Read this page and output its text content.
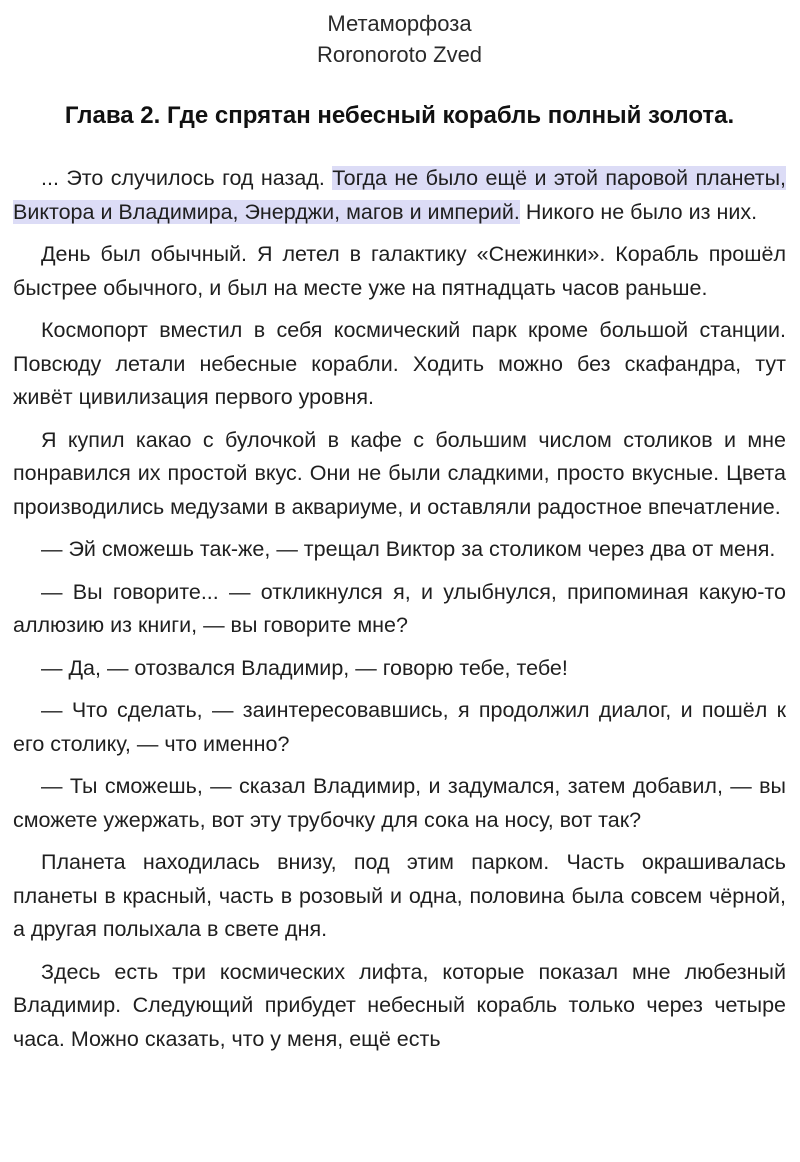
Метаморфоза
Rorоnoroto Zved
Глава 2. Где спрятан небесный корабль полный золота.

... Это случилось год назад. Тогда не было ещё и этой паровой планеты, Виктора и Владимира, Энерджи, магов и империй. Никого не было из них.

День был обычный. Я летел в галактику «Снежинки». Корабль прошёл быстрее обычного, и был на месте уже на пятнадцать часов раньше.

Космопорт вместил в себя космический парк кроме большой станции. Повсюду летали небесные корабли. Ходить можно без скафандра, тут живёт цивилизация первого уровня.

Я купил какао с булочкой в кафе с большим числом столиков и мне понравился их простой вкус. Они не были сладкими, просто вкусные. Цвета производились медузами в аквариуме, и оставляли радостное впечатление.

— Эй сможешь так-же, — трещал Виктор за столиком через два от меня.

— Вы говорите... — откликнулся я, и улыбнулся, припоминая какую-то аллюзию из книги, — вы говорите мне?

— Да, — отозвался Владимир, — говорю тебе, тебе!

— Что сделать, — заинтересовавшись, я продолжил диалог, и пошёл к его столику, — что именно?

— Ты сможешь, — сказал Владимир, и задумался, затем добавил, — вы сможете ужержать, вот эту трубочку для сока на носу, вот так?

Планета находилась внизу, под этим парком. Часть окрашивалась планеты в красный, часть в розовый и одна, половина была совсем чёрной, а другая полыхала в свете дня.

Здесь есть три космических лифта, которые показал мне любезный Владимир. Следующий прибудет небесный корабль только через четыре часа. Можно сказать, что у меня, ещё есть
